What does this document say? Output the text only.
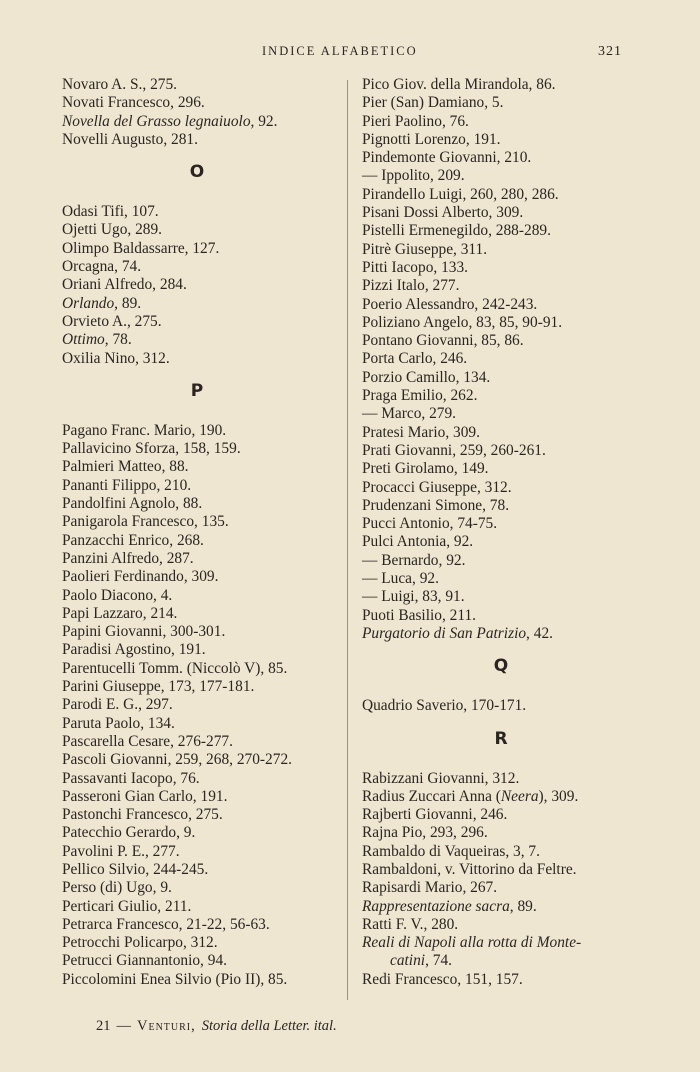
INDICE ALFABETICO	321
Novaro A. S., 275.
Novati Francesco, 296.
Novella del Grasso legnaiuolo, 92.
Novelli Augusto, 281.
O
Odasi Tifi, 107.
Ojetti Ugo, 289.
Olimpo Baldassarre, 127.
Orcagna, 74.
Oriani Alfredo, 284.
Orlando, 89.
Orvieto A., 275.
Ottimo, 78.
Oxilia Nino, 312.
P
Pagano Franc. Mario, 190.
Pallavicino Sforza, 158, 159.
Palmieri Matteo, 88.
Pananti Filippo, 210.
Pandolfini Agnolo, 88.
Panigarola Francesco, 135.
Panzacchi Enrico, 268.
Panzini Alfredo, 287.
Paolieri Ferdinando, 309.
Paolo Diacono, 4.
Papi Lazzaro, 214.
Papini Giovanni, 300-301.
Paradisi Agostino, 191.
Parentucelli Tomm. (Niccolò V), 85.
Parini Giuseppe, 173, 177-181.
Parodi E. G., 297.
Paruta Paolo, 134.
Pascarella Cesare, 276-277.
Pascoli Giovanni, 259, 268, 270-272.
Passavanti Iacopo, 76.
Passeroni Gian Carlo, 191.
Pastonchi Francesco, 275.
Patecchio Gerardo, 9.
Pavolini P. E., 277.
Pellico Silvio, 244-245.
Perso (di) Ugo, 9.
Perticari Giulio, 211.
Petrarca Francesco, 21-22, 56-63.
Petrocchi Policarpo, 312.
Petrucci Giannantonio, 94.
Piccolomini Enea Silvio (Pio II), 85.
Pico Giov. della Mirandola, 86.
Pier (San) Damiano, 5.
Pieri Paolino, 76.
Pignotti Lorenzo, 191.
Pindemonte Giovanni, 210.
— Ippolito, 209.
Pirandello Luigi, 260, 280, 286.
Pisani Dossi Alberto, 309.
Pistelli Ermenegildo, 288-289.
Pitrè Giuseppe, 311.
Pitti Iacopo, 133.
Pizzi Italo, 277.
Poerio Alessandro, 242-243.
Poliziano Angelo, 83, 85, 90-91.
Pontano Giovanni, 85, 86.
Porta Carlo, 246.
Porzio Camillo, 134.
Praga Emilio, 262.
— Marco, 279.
Pratesi Mario, 309.
Prati Giovanni, 259, 260-261.
Preti Girolamo, 149.
Procacci Giuseppe, 312.
Prudenzani Simone, 78.
Pucci Antonio, 74-75.
Pulci Antonia, 92.
— Bernardo, 92.
— Luca, 92.
— Luigi, 83, 91.
Puoti Basilio, 211.
Purgatorio di San Patrizio, 42.
Q
Quadrio Saverio, 170-171.
R
Rabizzani Giovanni, 312.
Radius Zuccari Anna (Neera), 309.
Rajberti Giovanni, 246.
Rajna Pio, 293, 296.
Rambaldo di Vaqueiras, 3, 7.
Rambaldoni, v. Vittorino da Feltre.
Rapisardi Mario, 267.
Rappresentazione sacra, 89.
Ratti F. V., 280.
Reali di Napoli alla rotta di Monte-
catini, 74.
Redi Francesco, 151, 157.
21 — Venturi, Storia della Letter. ital.
